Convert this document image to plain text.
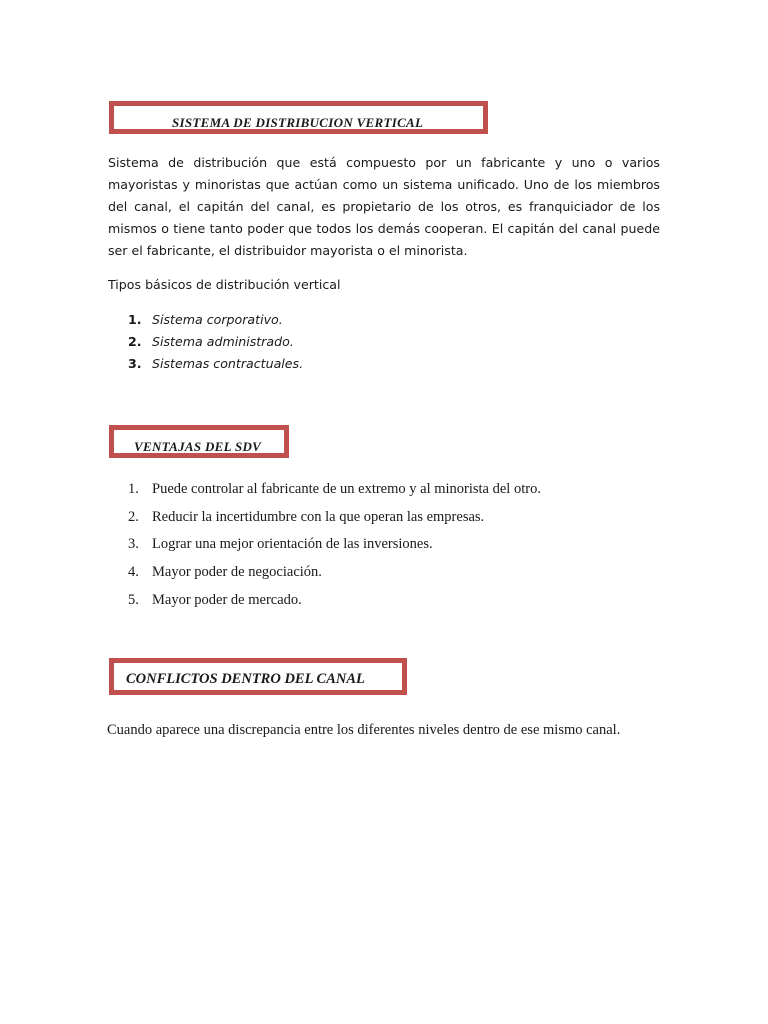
SISTEMA DE DISTRIBUCION VERTICAL

Sistema de distribución que está compuesto por un fabricante y uno o varios mayoristas y minoristas que actúan como un sistema unificado. Uno de los miembros del canal, el capitán del canal, es propietario de los otros, es franquiciador de los mismos o tiene tanto poder que todos los demás cooperan. El capitán del canal puede ser el fabricante, el distribuidor mayorista o el minorista.

Tipos básicos de distribución vertical

1. Sistema corporativo.
2. Sistema administrado.
3. Sistemas contractuales.
VENTAJAS DEL SDV
1. Puede controlar al fabricante de un extremo y al minorista del otro.
2. Reducir la incertidumbre con la que operan las empresas.
3. Lograr una mejor orientación de las inversiones.
4. Mayor poder de negociación.
5. Mayor poder de mercado.
CONFLICTOS DENTRO DEL CANAL

Cuando aparece una discrepancia entre los diferentes niveles dentro de ese mismo canal.
